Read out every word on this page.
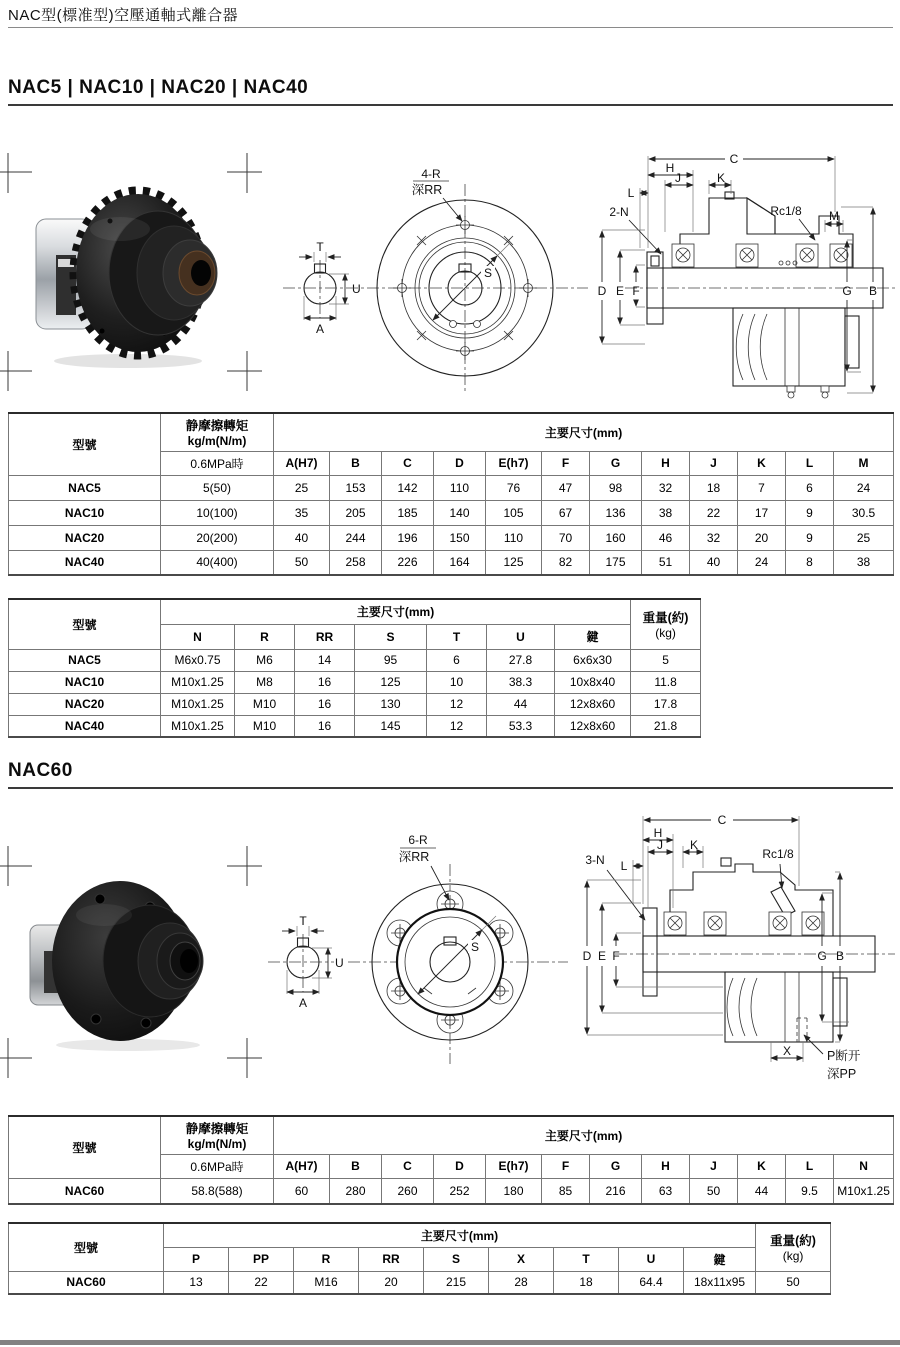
NAC型(標准型)空壓通軸式離合器
NAC5 | NAC10 | NAC20 | NAC40
T
U
A
S
4-R
深RR
C
H
J	K
L
2-N	Rc1/8 M
D E F	G B
型號	静摩擦轉矩
kg/m(N/m)	主要尺寸(mm)											
	0.6MPa時	A(H7)	B	C	D	E(h7)	F	G	H	J	K	L	M
NAC5	5(50)	25	153	142	110	76	47	98	32	18	7	6	24
NAC10	10(100)	35	205	185	140	105	67	136	38	22	17	9	30.5
NAC20	20(200)	40	244	196	150	110	70	160	46	32	20	9	25
NAC40	40(400)	50	258	226	164	125	82	175	51	40	24	8	38
型號	主要尺寸(mm)							重量(約)
(kg)

	N	R	RR	S	T	U	鍵	
NAC5	M6x0.75	M6	14	95	6	27.8	6x6x30	5
NAC10	M10x1.25	M8	16	125	10	38.3	10x8x40	11.8
NAC20	M10x1.25	M10	16	130	12	44	12x8x60	17.8
NAC40	M10x1.25	M10	16	145	12	53.3	12x8x60	21.8
NAC60
T
U
A
S
6-R
深RR
C
H
J K
L
3-N	Rc1/8
D E F	G B
X	P断开
深PP
型號	静摩擦轉矩
kg/m(N/m)	主要尺寸(mm)											
	0.6MPa時	A(H7)	B	C	D	E(h7)	F	G	H	J	K	L	N
NAC60	58.8(588)	60	280	260	252	180	85	216	63	50	44	9.5	M10x1.25
型號	主要尺寸(mm)									重量(約)
(kg)

	P	PP	R	RR	S	X	T	U	鍵	
NAC60	13	22	M16	20	215	28	18	64.4	18x11x95	50
